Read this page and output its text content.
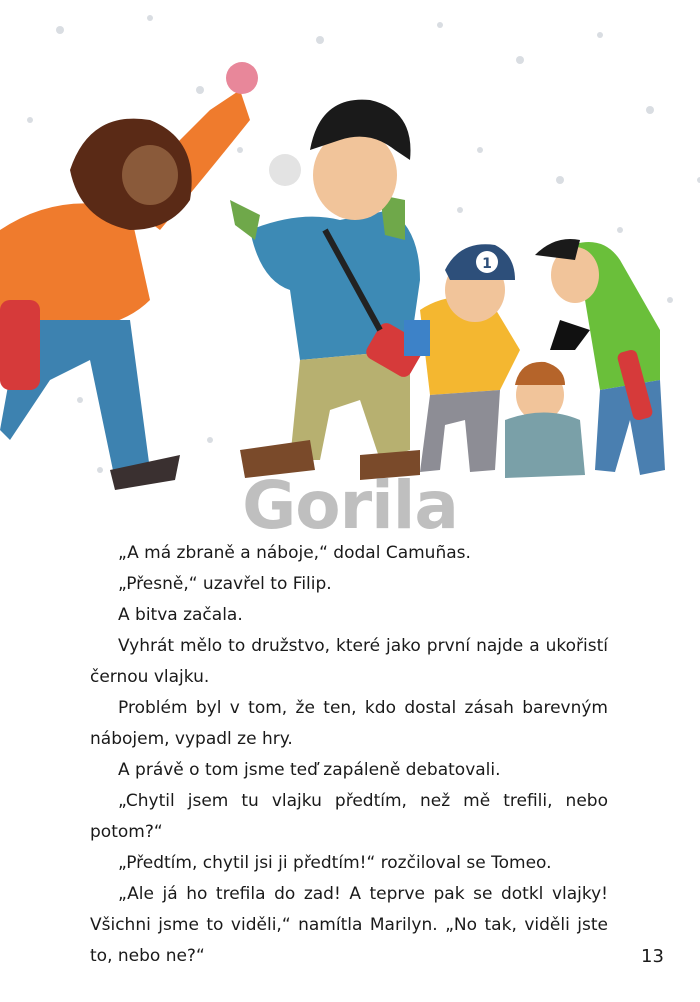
1
Gorila

„A má zbraně a náboje,“ dodal Camuñas.

„Přesně,“ uzavřel to Filip.

A bitva začala.

Vyhrát mělo to družstvo, které jako první najde a ukořistí černou vlajku.

Problém byl v tom, že ten, kdo dostal zásah barevným nábojem, vypadl ze hry.

A právě o tom jsme teď zapáleně debatovali.

„Chytil jsem tu vlajku předtím, než mě trefili, nebo potom?“

„Předtím, chytil jsi ji předtím!“ rozčiloval se Tomeo.

„Ale já ho trefila do zad! A teprve pak se dotkl vlajky! Všichni jsme to viděli,“ namítla Marilyn. „No tak, viděli jste to, nebo ne?“	13
